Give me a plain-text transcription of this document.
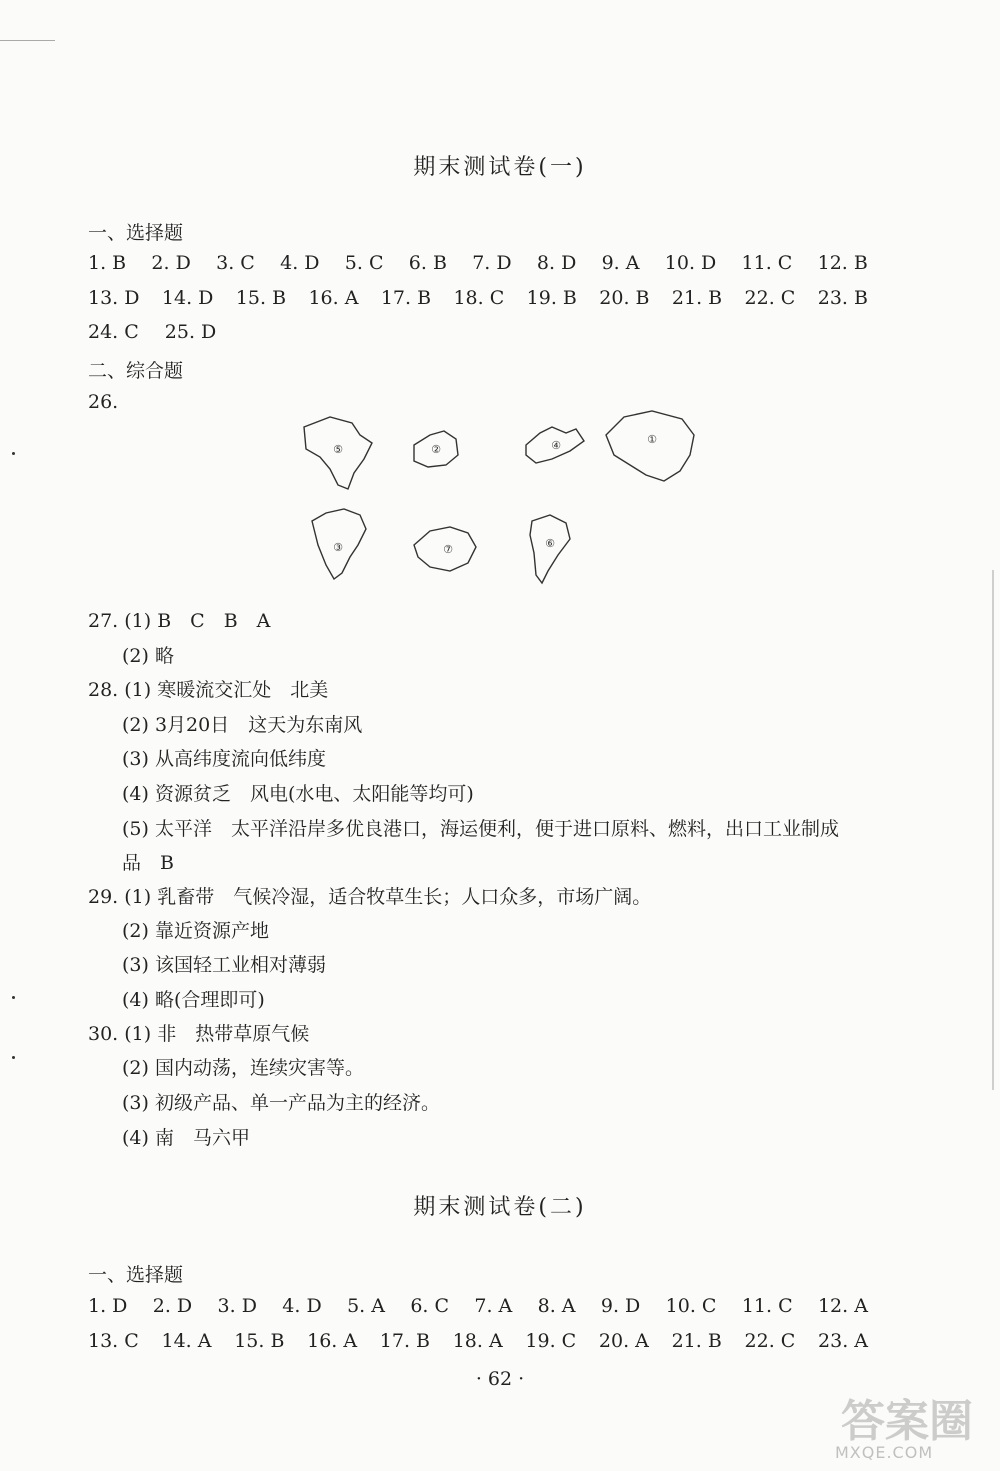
期末测试卷(一)
一、选择题
1. B 2. D 3. C 4. D 5. C 6. B 7. D 8. D 9. A 10. D 11. C 12. B
13. D 14. D 15. B 16. A 17. B 18. C 19. B 20. B 21. B 22. C 23. B
24. C 25. D
二、综合题
26.
⑤	②	④	①
③	⑦	⑥
27. (1) B　C　B　A
(2) 略
28. (1) 寒暖流交汇处　北美
(2) 3月20日　这天为东南风
(3) 从高纬度流向低纬度
(4) 资源贫乏　风电(水电、太阳能等均可)
(5) 太平洋　太平洋沿岸多优良港口，海运便利，便于进口原料、燃料，出口工业制成
品　B
29. (1) 乳畜带　气候冷湿，适合牧草生长；人口众多，市场广阔。
(2) 靠近资源产地
(3) 该国轻工业相对薄弱
(4) 略(合理即可)
30. (1) 非　热带草原气候
(2) 国内动荡，连续灾害等。
(3) 初级产品、单一产品为主的经济。
(4) 南　马六甲
期末测试卷(二)
一、选择题
1. D 2. D 3. D 4. D 5. A 6. C 7. A 8. A 9. D 10. C 11. C 12. A
13. C 14. A 15. B 16. A 17. B 18. A 19. C 20. A 21. B 22. C 23. A
· 62 ·
答案圈
MXQE.COM
